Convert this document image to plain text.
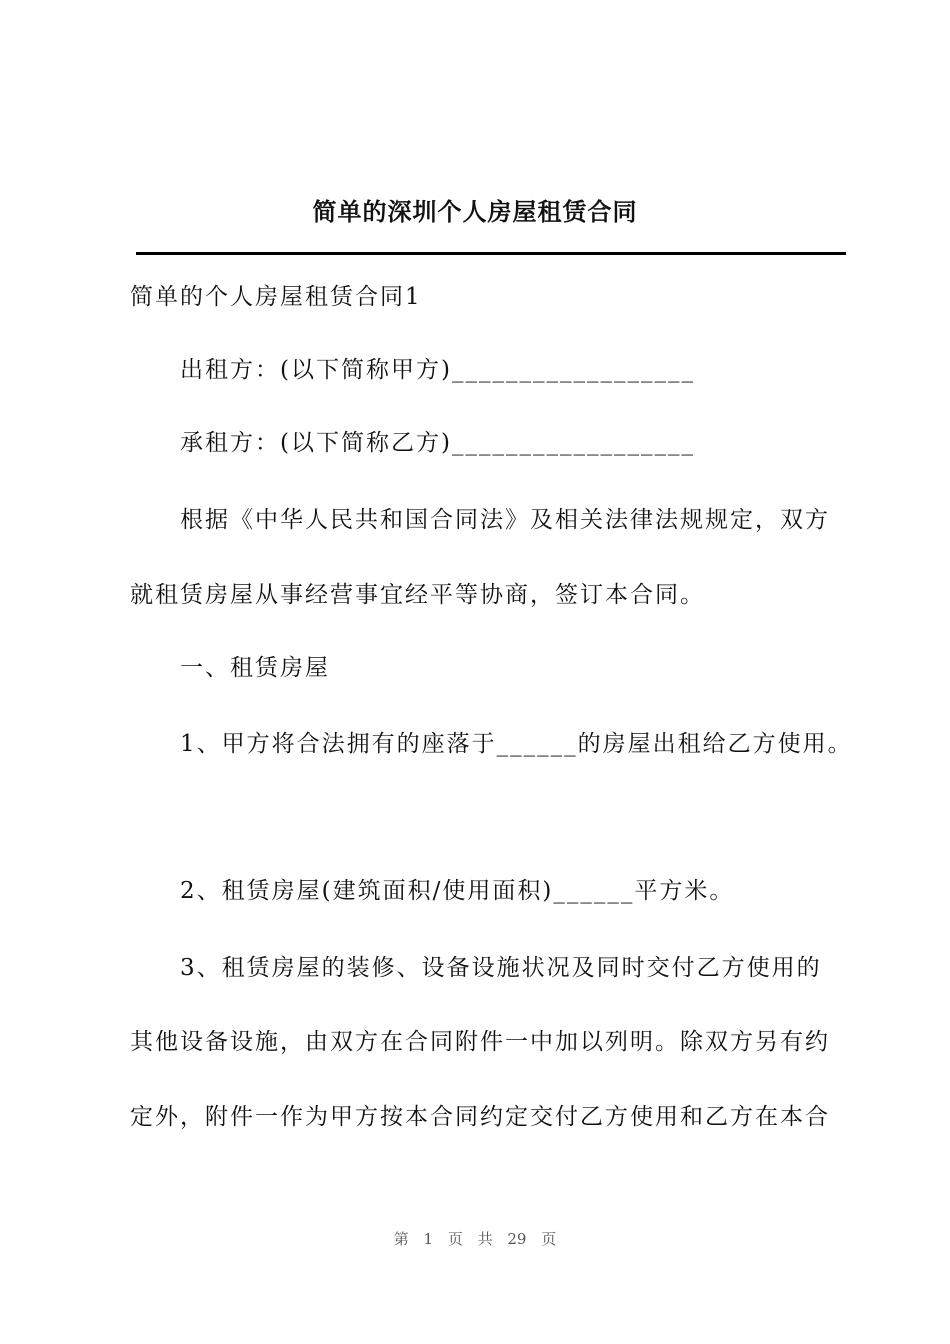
简单的深圳个人房屋租赁合同
简单的个人房屋租赁合同1
出租方：(以下简称甲方)__________________
承租方：(以下简称乙方)__________________
根据《中华人民共和国合同法》及相关法律法规规定，双方
就租赁房屋从事经营事宜经平等协商，签订本合同。
一、租赁房屋
1、甲方将合法拥有的座落于______的房屋出租给乙方使用。
2、租赁房屋(建筑面积/使用面积)______平方米。
3、租赁房屋的装修、设备设施状况及同时交付乙方使用的
其他设备设施，由双方在合同附件一中加以列明。除双方另有约
定外，附件一作为甲方按本合同约定交付乙方使用和乙方在本合
第 1 页 共 29 页
